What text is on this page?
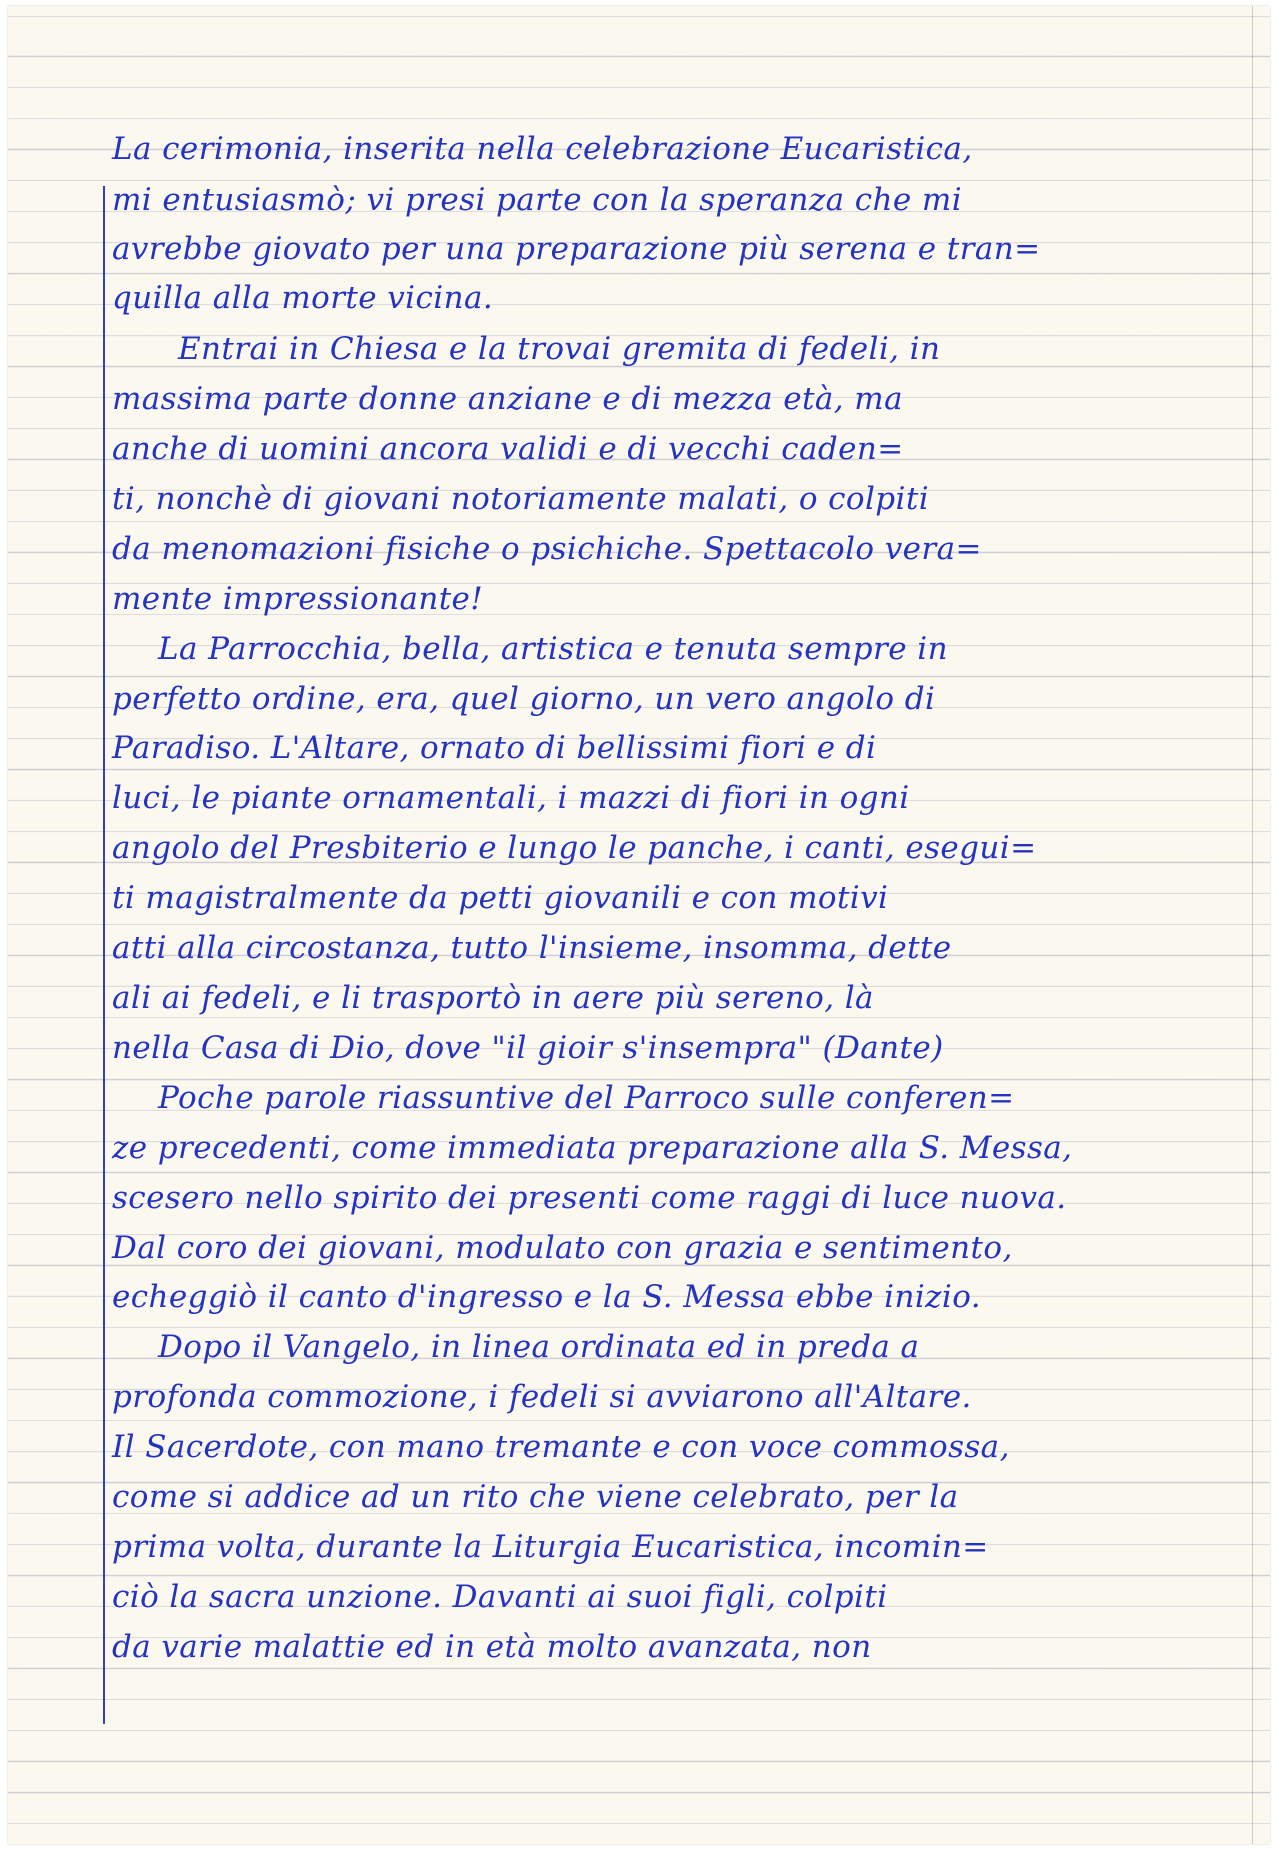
La cerimonia, inserita nella celebrazione Eucaristica,

mi entusiasmò; vi presi parte con la speranza che mi

avrebbe giovato per una preparazione più serena e tran=

quilla alla morte vicina.

Entrai in Chiesa e la trovai gremita di fedeli, in

massima parte donne anziane e di mezza età, ma

anche di uomini ancora validi e di vecchi caden=

ti, nonchè di giovani notoriamente malati, o colpiti

da menomazioni fisiche o psichiche. Spettacolo vera=

mente impressionante!

La Parrocchia, bella, artistica e tenuta sempre in

perfetto ordine, era, quel giorno, un vero angolo di

Paradiso. L'Altare, ornato di bellissimi fiori e di

luci, le piante ornamentali, i mazzi di fiori in ogni

angolo del Presbiterio e lungo le panche, i canti, esegui=

ti magistralmente da petti giovanili e con motivi

atti alla circostanza, tutto l'insieme, insomma, dette

ali ai fedeli, e li trasportò in aere più sereno, là

nella Casa di Dio, dove "il gioir s'insempra" (Dante)

Poche parole riassuntive del Parroco sulle conferen=

ze precedenti, come immediata preparazione alla S. Messa,

scesero nello spirito dei presenti come raggi di luce nuova.

Dal coro dei giovani, modulato con grazia e sentimento,

echeggiò il canto d'ingresso e la S. Messa ebbe inizio.

Dopo il Vangelo, in linea ordinata ed in preda a

profonda commozione, i fedeli si avviarono all'Altare.

Il Sacerdote, con mano tremante e con voce commossa,

come si addice ad un rito che viene celebrato, per la

prima volta, durante la Liturgia Eucaristica, incomin=

ciò la sacra unzione. Davanti ai suoi figli, colpiti

da varie malattie ed in età molto avanzata, non
